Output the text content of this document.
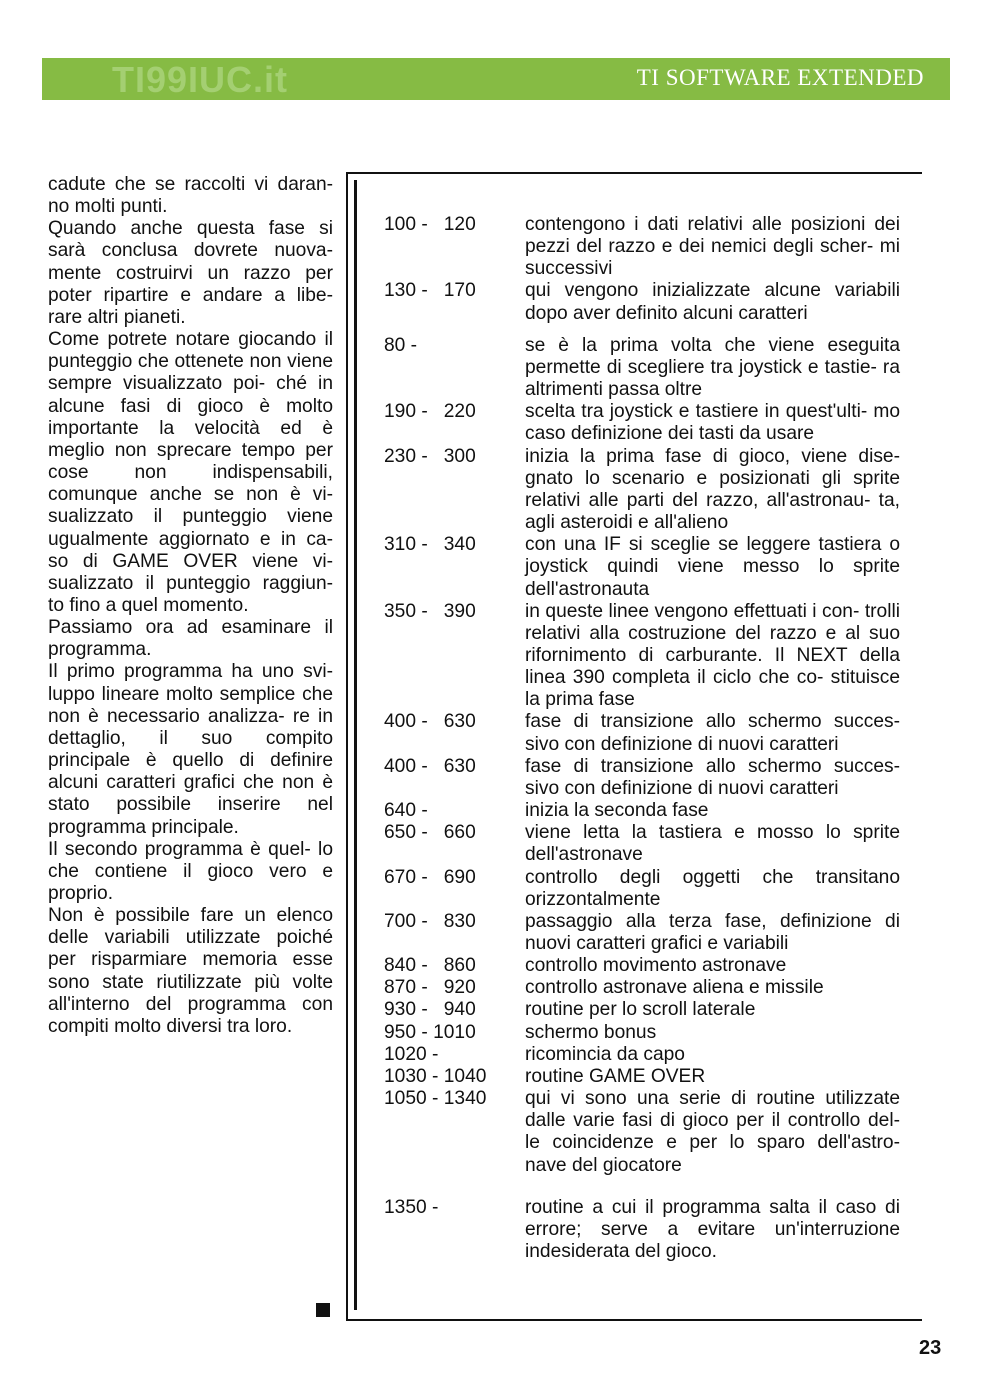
TI99IUC.it	TI SOFTWARE EXTENDED

cadute che se raccolti vi daran- no molti punti.

Quando anche questa fase si sarà conclusa dovrete nuova- mente costruirvi un razzo per poter ripartire e andare a libe- rare altri pianeti.

Come potrete notare giocando il punteggio che ottenete non viene sempre visualizzato poi- ché in alcune fasi di gioco è molto importante la velocità ed è meglio non sprecare tempo per cose non indispensabili, comunque anche se non è vi- sualizzato il punteggio viene ugualmente aggiornato e in ca- so di GAME OVER viene vi- sualizzato il punteggio raggiun- to fino a quel momento.

Passiamo ora ad esaminare il programma.

Il primo programma ha uno svi- luppo lineare molto semplice che non è necessario analizza- re in dettaglio, il suo compito principale è quello di definire alcuni caratteri grafici che non è stato possibile inserire nel programma principale.

Il secondo programma è quel- lo che contiene il gioco vero e proprio.

Non è possibile fare un elenco delle variabili utilizzate poiché per risparmiare memoria esse sono state riutilizzate più volte all'interno del programma con compiti molto diversi tra loro.

100 -   120	contengono i dati relativi alle posizioni dei pezzi del razzo e dei nemici degli scher- mi successivi
130 -   170	qui vengono inizializzate alcune variabili dopo aver definito alcuni caratteri
80 -	se è la prima volta che viene eseguita permette di scegliere tra joystick e tastie- ra altrimenti passa oltre
190 -   220	scelta tra joystick e tastiere in quest'ulti- mo caso definizione dei tasti da usare
230 -   300	inizia la prima fase di gioco, viene dise- gnato lo scenario e posizionati gli sprite relativi alle parti del razzo, all'astronau- ta, agli asteroidi e all'alieno
310 -   340	con una IF si sceglie se leggere tastiera o joystick quindi viene messo lo sprite dell'astronauta
350 -   390	in queste linee vengono effettuati i con- trolli relativi alla costruzione del razzo e al suo rifornimento di carburante. Il NEXT della linea 390 completa il ciclo che co- stituisce la prima fase
400 -   630	fase di transizione allo schermo succes- sivo con definizione di nuovi caratteri
400 -   630	fase di transizione allo schermo succes- sivo con definizione di nuovi caratteri
640 -	inizia la seconda fase
650 -   660	viene letta la tastiera e mosso lo sprite dell'astronave
670 -   690	controllo degli oggetti che transitano orizzontalmente
700 -   830	passaggio alla terza fase, definizione di nuovi caratteri grafici e variabili
840 -   860	controllo movimento astronave
870 -   920	controllo astronave aliena e missile
930 -   940	routine per lo scroll laterale
950 - 1010	schermo bonus
1020 -	ricomincia da capo
1030 - 1040	routine GAME OVER
1050 - 1340	qui vi sono una serie di routine utilizzate dalle varie fasi di gioco per il controllo del- le coincidenze e per lo sparo dell'astro- nave del giocatore
1350 -	routine a cui il programma salta il caso di errore; serve a evitare un'interruzione indesiderata del gioco.
23
